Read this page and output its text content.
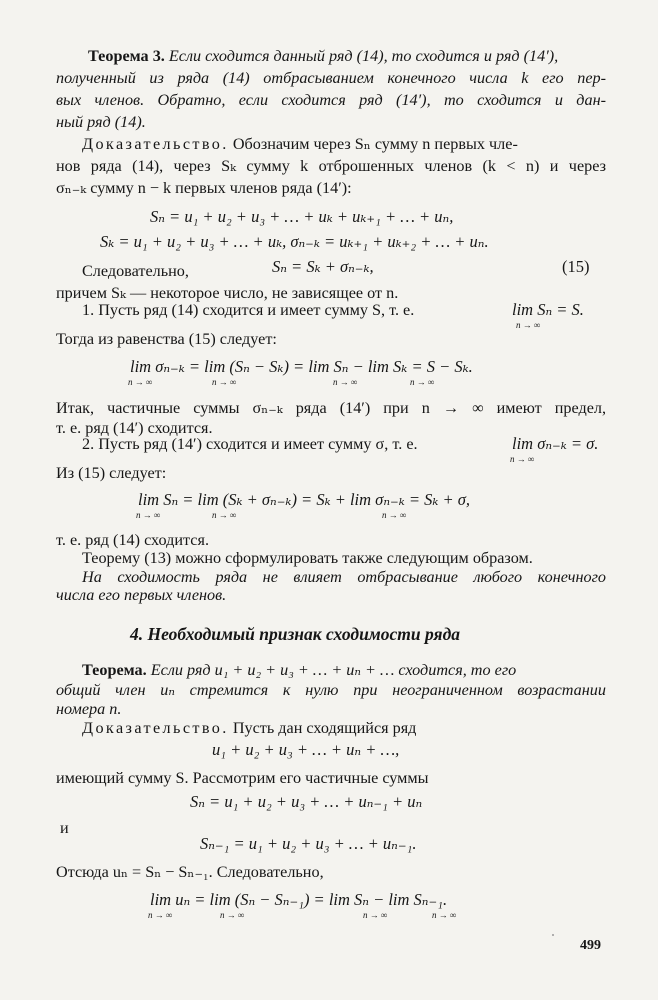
Теорема 3. Если сходится данный ряд (14), то сходится и ряд (14′),
полученный из ряда (14) отбрасыванием конечного числа k его пер-
вых членов. Обратно, если сходится ряд (14′), то сходится и дан-
ный ряд (14).
Доказательство. Обозначим через Sₙ сумму n первых чле-
нов ряда (14), через Sₖ сумму k отброшенных членов (k < n) и через
σₙ₋ₖ сумму n − k первых членов ряда (14′):
Sₙ = u₁ + u₂ + u₃ + … + uₖ + uₖ₊₁ + … + uₙ,
Sₖ = u₁ + u₂ + u₃ + … + uₖ, σₙ₋ₖ = uₖ₊₁ + uₖ₊₂ + … + uₙ.
Следовательно,	Sₙ = Sₖ + σₙ₋ₖ,	(15)
причем Sₖ — некоторое число, не зависящее от n.
1. Пусть ряд (14) сходится и имеет сумму S, т. е.	lim Sₙ = S.
n → ∞
Тогда из равенства (15) следует:
lim σₙ₋ₖ = lim (Sₙ − Sₖ) = lim Sₙ − lim Sₖ = S − Sₖ.
n → ∞	n → ∞	n → ∞	n → ∞
Итак, частичные суммы σₙ₋ₖ ряда (14′) при n → ∞ имеют предел,
т. е. ряд (14′) сходится.
2. Пусть ряд (14′) сходится и имеет сумму σ, т. е.	lim σₙ₋ₖ = σ.
n → ∞
Из (15) следует:
lim Sₙ = lim (Sₖ + σₙ₋ₖ) = Sₖ + lim σₙ₋ₖ = Sₖ + σ,
n → ∞	n → ∞	n → ∞
т. е. ряд (14) сходится.
Теорему (13) можно сформулировать также следующим образом.
На сходимость ряда не влияет отбрасывание любого конечного
числа его первых членов.
4. Необходимый признак сходимости ряда
Теорема. Если ряд u₁ + u₂ + u₃ + … + uₙ + … сходится, то его
общий член uₙ стремится к нулю при неограниченном возрастании
номера n.
Доказательство. Пусть дан сходящийся ряд
u₁ + u₂ + u₃ + … + uₙ + …,
имеющий сумму S. Рассмотрим его частичные суммы
Sₙ = u₁ + u₂ + u₃ + … + uₙ₋₁ + uₙ
и
Sₙ₋₁ = u₁ + u₂ + u₃ + … + uₙ₋₁.
Отсюда uₙ = Sₙ − Sₙ₋₁. Следовательно,
lim uₙ = lim (Sₙ − Sₙ₋₁) = lim Sₙ − lim Sₙ₋₁.
n → ∞	n → ∞	n → ∞	n → ∞
499
